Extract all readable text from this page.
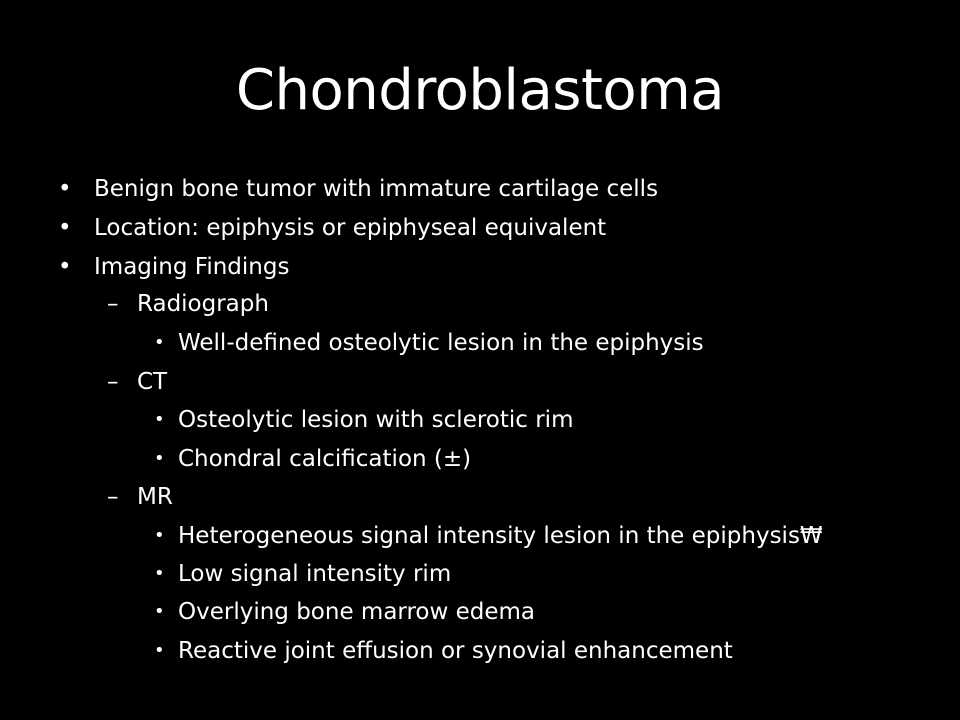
Chondroblastoma
• Benign bone tumor with immature cartilage cells
• Location: epiphysis or epiphyseal equivalent
• Imaging Findings
– Radiograph
• Well-defined osteolytic lesion in the epiphysis
– CT
• Osteolytic lesion with sclerotic rim
• Chondral calcification (±)
– MR
• Heterogeneous signal intensity lesion in the epiphysis₩
• Low signal intensity rim
• Overlying bone marrow edema
• Reactive joint effusion or synovial enhancement
